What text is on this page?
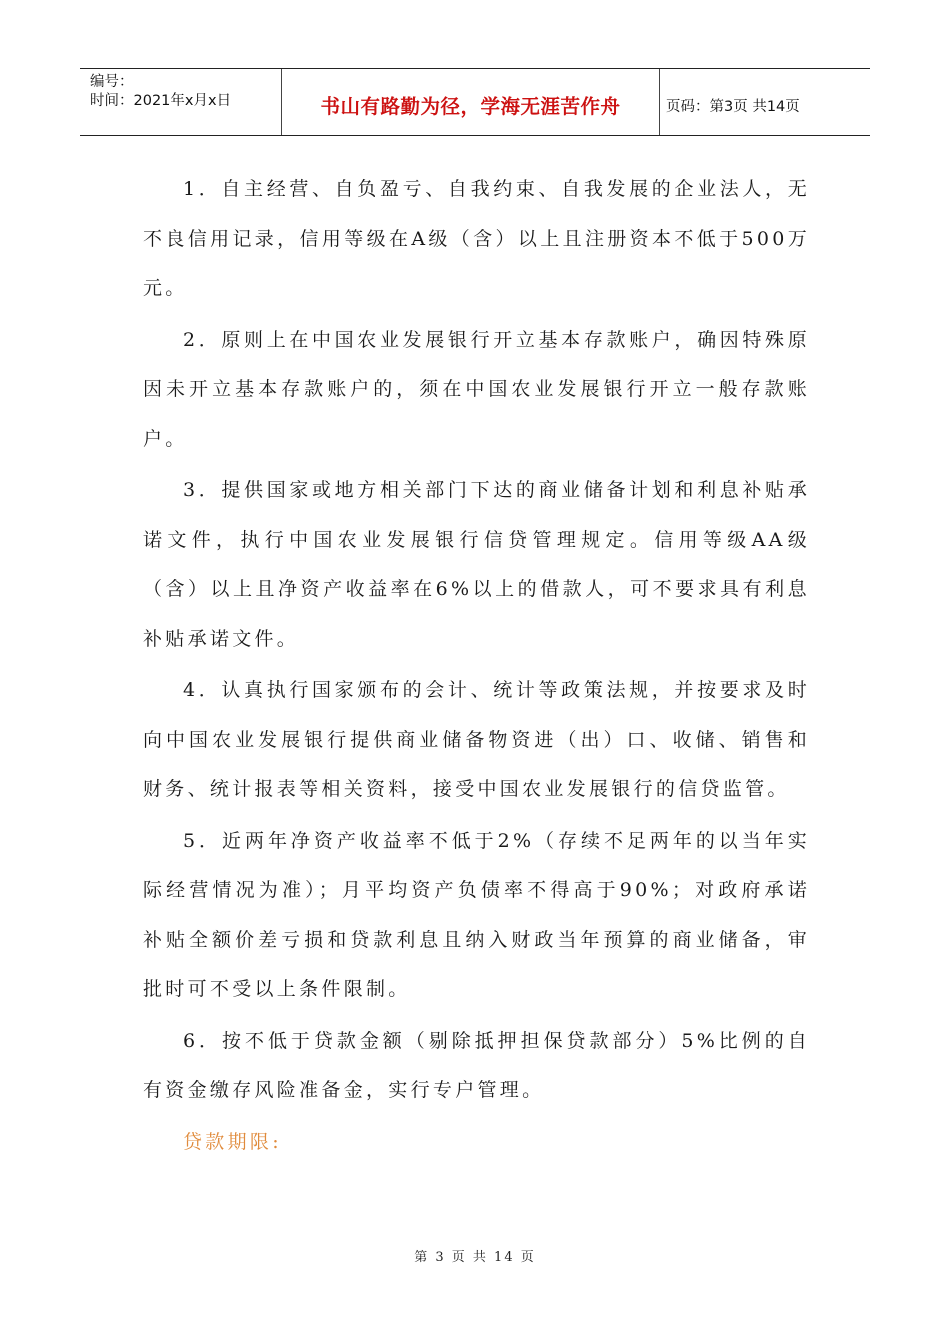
编号：
时间：2021年x月x日	书山有路勤为径，学海无涯苦作舟	页码：第3页 共14页

1．自主经营、自负盈亏、自我约束、自我发展的企业法人，无不良信用记录，信用等级在A级（含）以上且注册资本不低于500万元。

2．原则上在中国农业发展银行开立基本存款账户，确因特殊原因未开立基本存款账户的，须在中国农业发展银行开立一般存款账户。

3．提供国家或地方相关部门下达的商业储备计划和利息补贴承诺文件，执行中国农业发展银行信贷管理规定。信用等级AA级（含）以上且净资产收益率在6%以上的借款人，可不要求具有利息补贴承诺文件。

4．认真执行国家颁布的会计、统计等政策法规，并按要求及时向中国农业发展银行提供商业储备物资进（出）口、收储、销售和财务、统计报表等相关资料，接受中国农业发展银行的信贷监管。

5．近两年净资产收益率不低于2%（存续不足两年的以当年实际经营情况为准）；月平均资产负债率不得高于90%；对政府承诺补贴全额价差亏损和贷款利息且纳入财政当年预算的商业储备，审批时可不受以上条件限制。

6．按不低于贷款金额（剔除抵押担保贷款部分）5%比例的自有资金缴存风险准备金，实行专户管理。

贷款期限:

第 3 页 共 14 页
